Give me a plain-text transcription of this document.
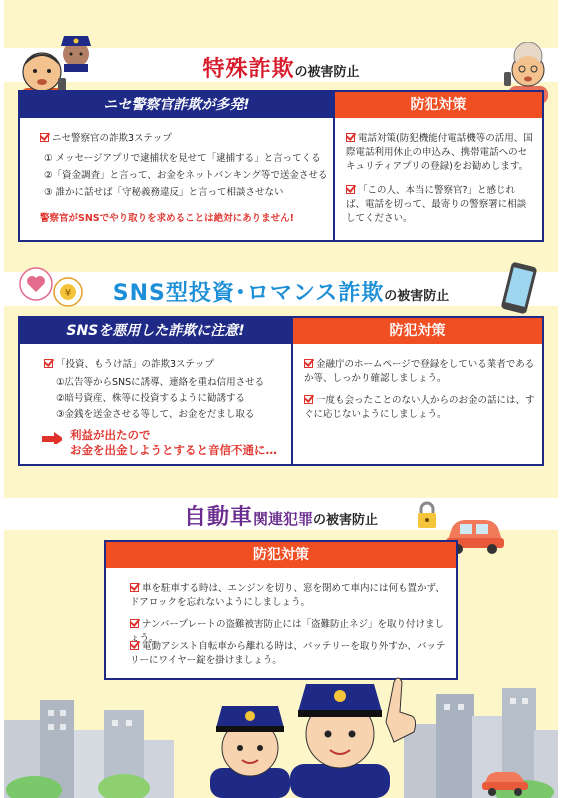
特殊詐欺の被害防止
ニセ警察官詐欺が多発!	防犯対策
ニセ警察官の詐欺3ステップ
① メッセージアプリで逮捕状を見せて「逮捕する」と言ってくる
②「資金調査」と言って、お金をネットバンキング等で送金させる
③ 誰かに話せば「守秘義務違反」と言って相談させない
警察官がSNSでやり取りを求めることは絶対にありません!
電話対策(防犯機能付電話機等の活用、国際電話利用休止の申込み、携帯電話へのセキュリティアプリの登録)をお勧めします。
「この人、本当に警察官?」と感じれば、電話を切って、最寄りの警察署に相談してください。
SNS型投資･ロマンス詐欺の被害防止
¥
SNSを悪用した詐欺に注意!	防犯対策
「投資、もうけ話」の詐欺3ステップ
①広告等からSNSに誘導、連絡を重ね信用させる
②暗号資産、株等に投資するように勧誘する
③金銭を送金させる等して、お金をだまし取る
利益が出たので
お金を出金しようとすると音信不通に…
金融庁のホームページで登録をしている業者であるか等、しっかり確認しましょう。
一度も会ったことのない人からのお金の話には、すぐに応じないようにしましょう。
自動車関連犯罪の被害防止
防犯対策
車を駐車する時は、エンジンを切り、窓を閉めて車内には何も置かず、ドアロックを忘れないようにしましょう。
ナンバープレートの盗難被害防止には「盗難防止ネジ」を取り付けましょう。
電動アシスト自転車から離れる時は、バッテリーを取り外すか、バッテリーにワイヤー錠を掛けましょう。
